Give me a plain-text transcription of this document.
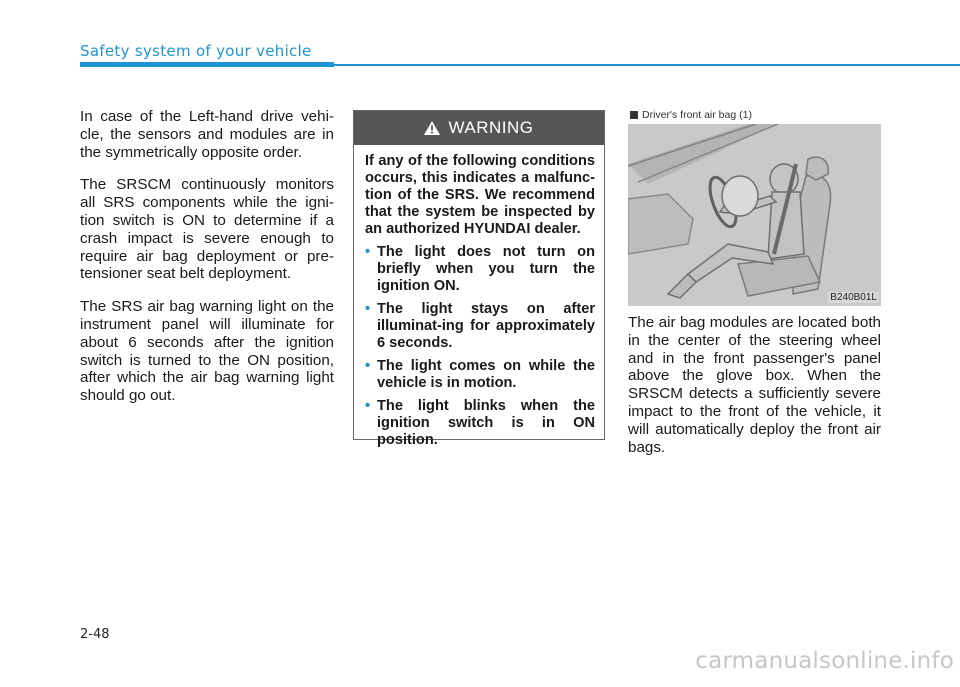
Safety system of your vehicle

In case of the Left-hand drive vehi-cle, the sensors and modules are in the symmetrically opposite order.

The SRSCM continuously monitors all SRS components while the igni-tion switch is ON to determine if a crash impact is severe enough to require air bag deployment or pre-tensioner seat belt deployment.

The SRS air bag warning light on the instrument panel will illuminate for about 6 seconds after the ignition switch is turned to the ON position, after which the air bag warning light should go out.

WARNING

If any of the following conditions occurs, this indicates a malfunc-tion of the SRS. We recommend that the system be inspected by an authorized HYUNDAI dealer.

• The light does not turn on briefly when you turn the ignition ON.
• The light stays on after illuminat-ing for approximately 6 seconds.
• The light comes on while the vehicle is in motion.
• The light blinks when the ignition switch is in ON position.
Driver's front air bag (1)
B240B01L

The air bag modules are located both in the center of the steering wheel and in the front passenger's panel above the glove box. When the SRSCM detects a sufficiently severe impact to the front of the vehicle, it will automatically deploy the front air bags.

2-48
carmanualsonline.info
